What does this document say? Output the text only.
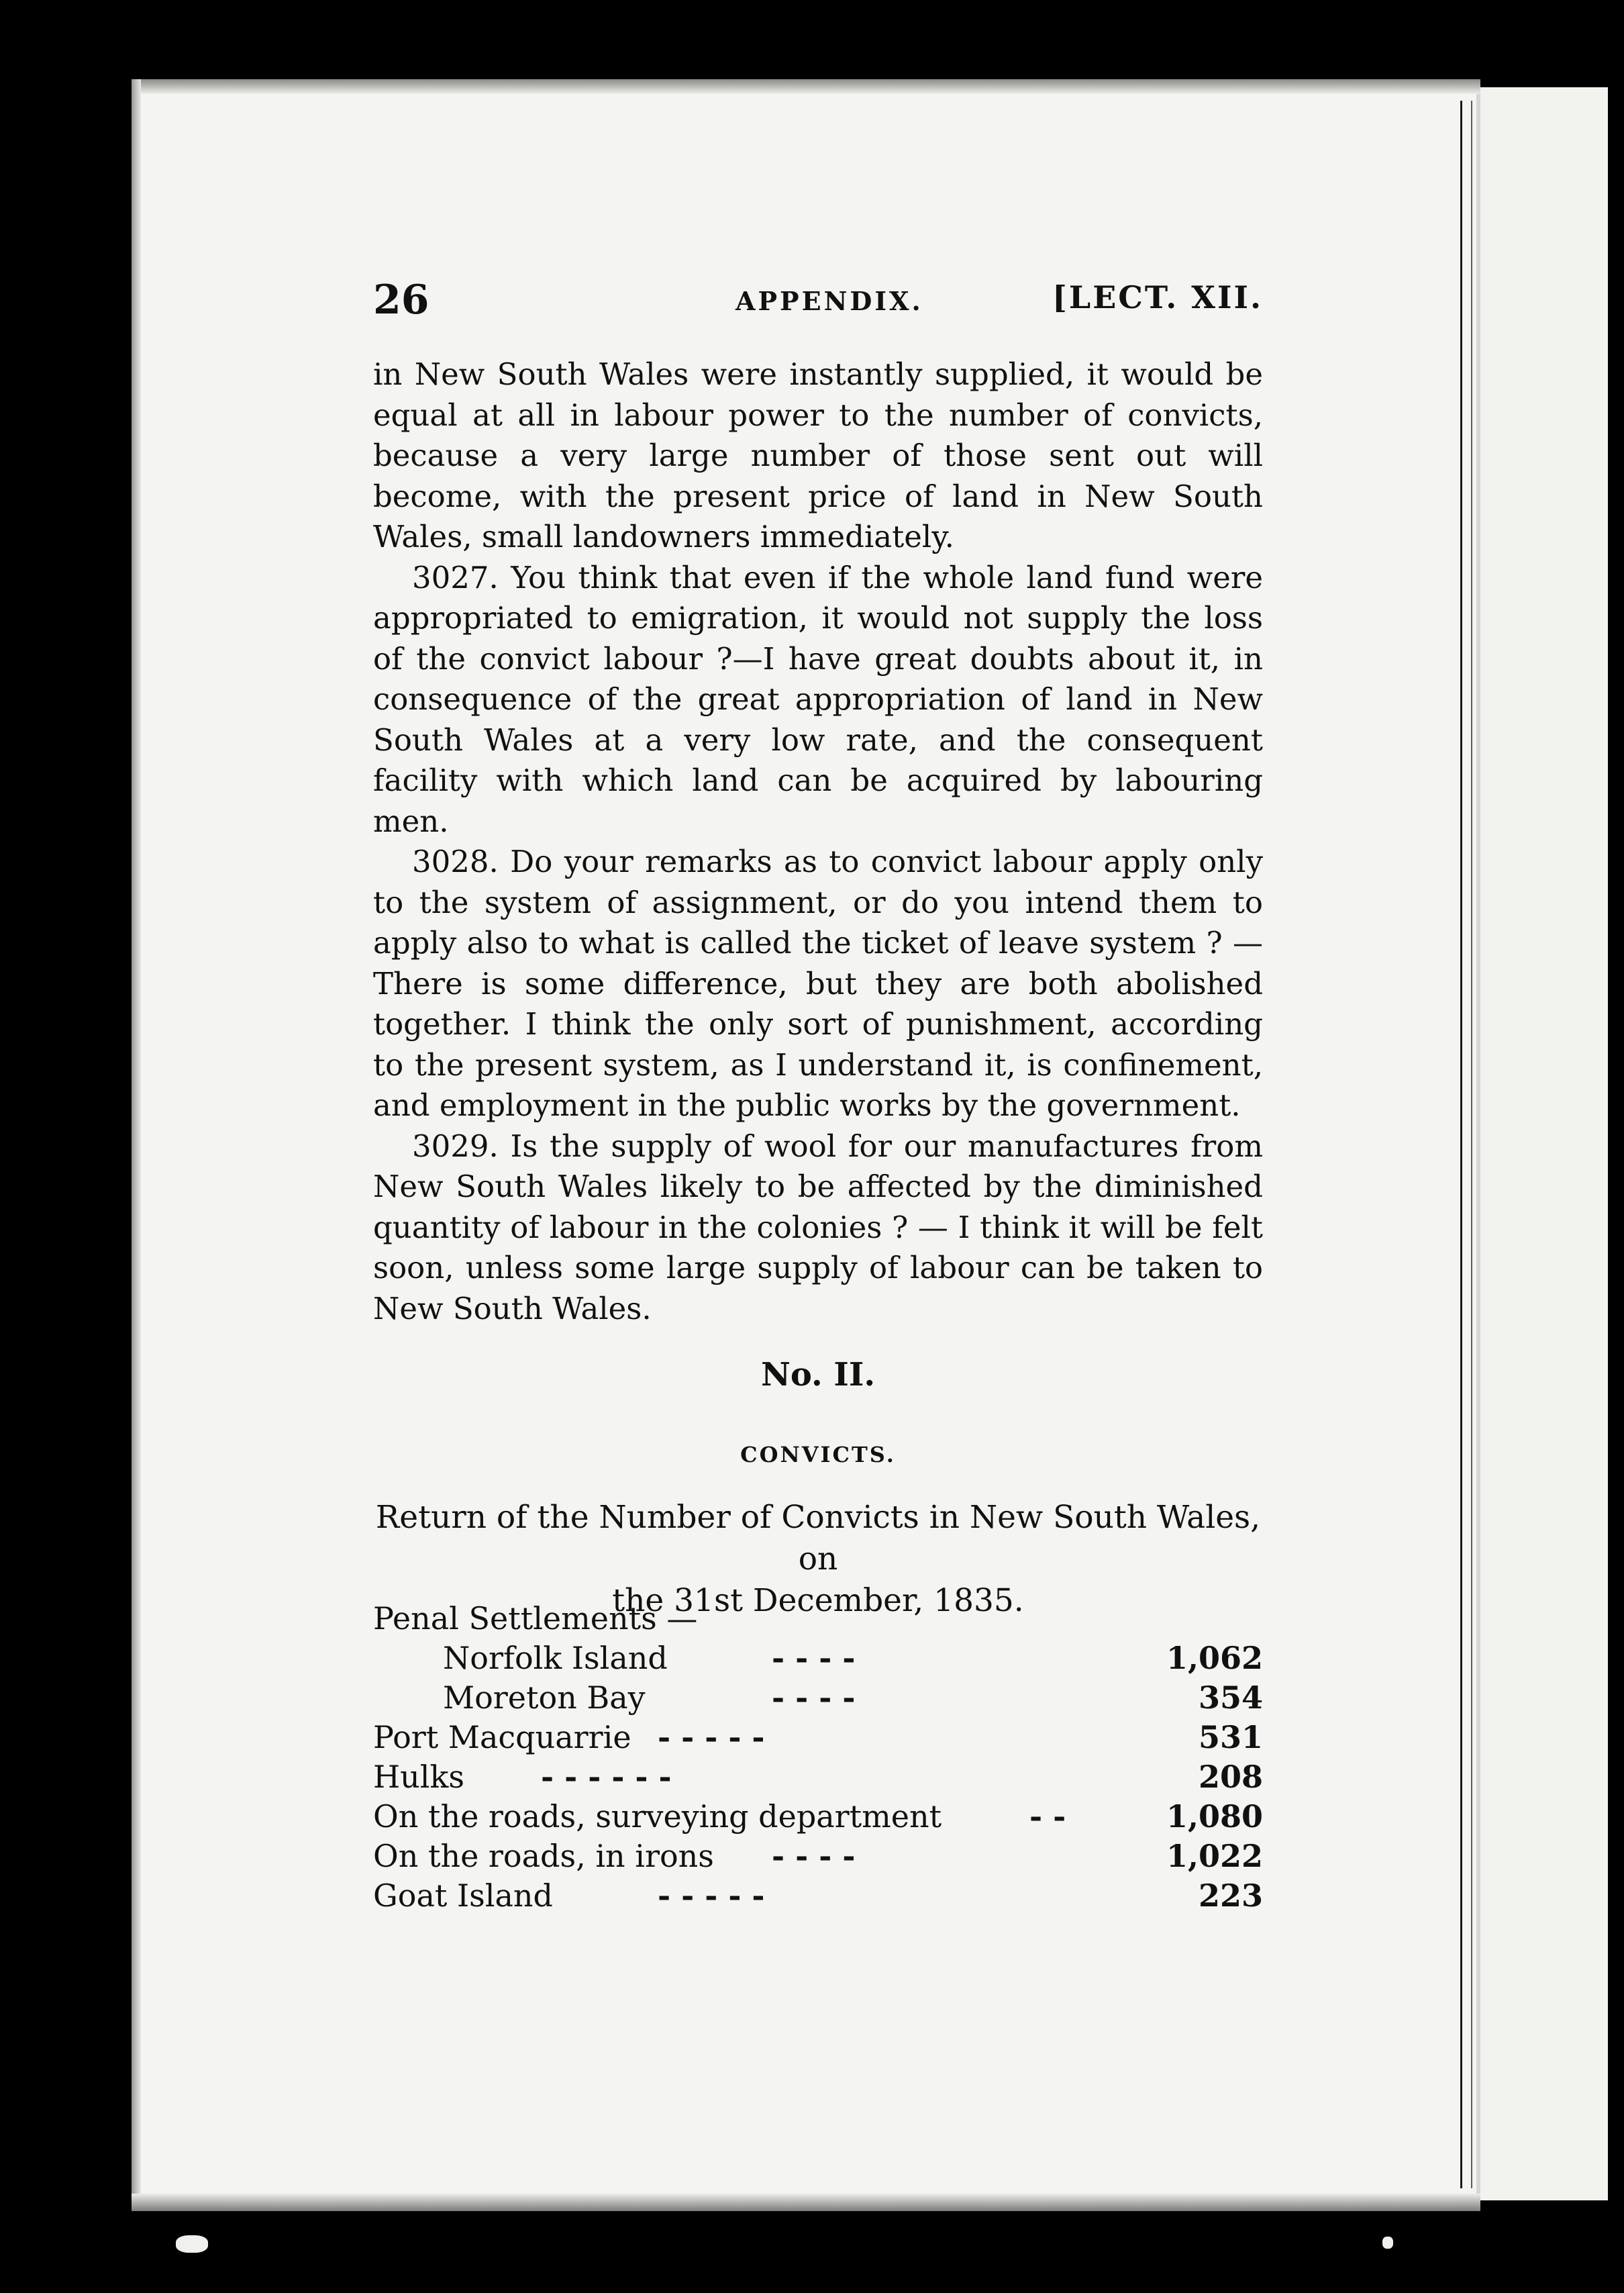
26	APPENDIX.	[LECT. XII.

in New South Wales were instantly supplied, it would be equal at all in labour power to the number of convicts, because a very large number of those sent out will become, with the present price of land in New South Wales, small landowners immediately.

3027. You think that even if the whole land fund were appropriated to emigration, it would not supply the loss of the convict labour ?—I have great doubts about it, in consequence of the great appropriation of land in New South Wales at a very low rate, and the consequent facility with which land can be acquired by labouring men.

3028. Do your remarks as to convict labour apply only to the system of assignment, or do you intend them to apply also to what is called the ticket of leave system ? — There is some difference, but they are both abolished together. I think the only sort of punishment, according to the present system, as I understand it, is confinement, and employment in the public works by the government.

3029. Is the supply of wool for our manufactures from New South Wales likely to be affected by the diminished quantity of labour in the colonies ? — I think it will be felt soon, unless some large supply of labour can be taken to New South Wales.

No. II.
CONVICTS.
Return of the Number of Convicts in New South Wales, on
the 31st December, 1835.
Penal Settlements —
Norfolk Island	- - - -	1,062
Moreton Bay	- - - -	354
Port Macquarrie - - - - -	531
Hulks - - - - - -	208
On the roads, surveying department	- -	1,080
On the roads, in irons - - - -	1,022
Goat Island	- - - - -	223
